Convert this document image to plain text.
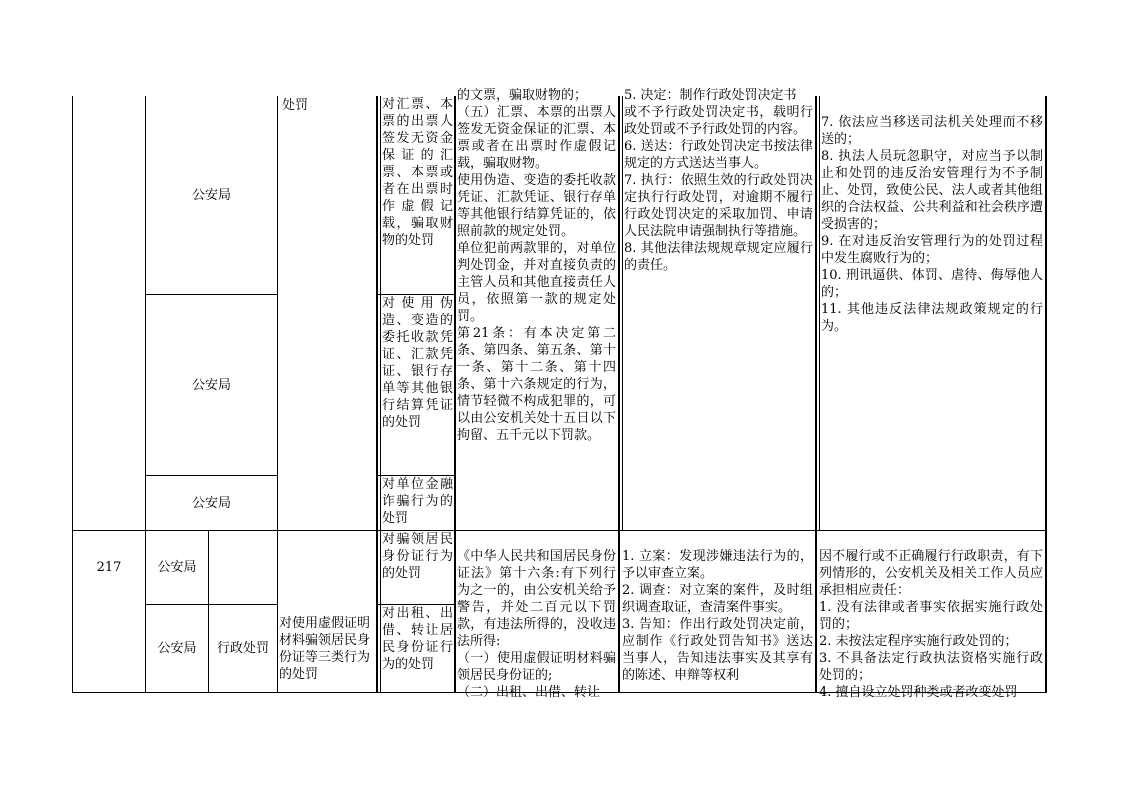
公安局
公安局
公安局
公安局
公安局
217
行政处罚
处罚
对使用虚假证明材料骗领居民身份证等三类行为的处罚
对汇票、本票的出票人签发无资金保证的汇票、本票或者在出票时作虚假记载，骗取财物的处罚
对使用伪造、变造的委托收款凭证、汇款凭证、银行存单等其他银行结算凭证的处罚
对单位金融诈骗行为的处罚
对骗领居民身份证行为的处罚
对出租、出借、转让居民身份证行为的处罚
的文票，骗取财物的；
（五）汇票、本票的出票人签发无资金保证的汇票、本票或者在出票时作虚假记载，骗取财物。
使用伪造、变造的委托收款凭证、汇款凭证、银行存单等其他银行结算凭证的，依照前款的规定处罚。
单位犯前两款罪的，对单位判处罚金，并对直接负责的主管人员和其他直接责任人员，依照第一款的规定处罚。
第21条：有本决定第二条、第四条、第五条、第十一条、第十二条、第十四条、第十六条规定的行为，情节轻微不构成犯罪的，可以由公安机关处十五日以下拘留、五千元以下罚款。

《中华人民共和国居民身份证法》第十六条:有下列行为之一的，由公安机关给予警告，并处二百元以下罚款，有违法所得的，没收违法所得:
（一）使用虚假证明材料骗领居民身份证的;
（二）出租、出借、转让

5. 决定：制作行政处罚决定书
或不予行政处罚决定书，载明行政处罚或不予行政处罚的内容。
6. 送达：行政处罚决定书按法律规定的方式送达当事人。
7. 执行：依照生效的行政处罚决定执行行政处罚，对逾期不履行行政处罚决定的采取加罚、申请人民法院申请强制执行等措施。
8. 其他法律法规规章规定应履行的责任。

1. 立案：发现涉嫌违法行为的，予以审查立案。
2. 调查：对立案的案件，及时组织调查取证，查清案件事实。
3. 告知：作出行政处罚决定前，应制作《行政处罚告知书》送达当事人，告知违法事实及其享有的陈述、申辩等权利

7. 依法应当移送司法机关处理而不移送的；
8. 执法人员玩忽职守，对应当予以制止和处罚的违反治安管理行为不予制止、处罚，致使公民、法人或者其他组织的合法权益、公共利益和社会秩序遭受损害的；
9. 在对违反治安管理行为的处罚过程中发生腐败行为的；
10. 刑讯逼供、体罚、虐待、侮辱他人的；
11. 其他违反法律法规政策规定的行为。

因不履行或不正确履行行政职责，有下列情形的，公安机关及相关工作人员应承担相应责任：
1. 没有法律或者事实依据实施行政处罚的；
2. 未按法定程序实施行政处罚的；
3. 不具备法定行政执法资格实施行政处罚的；
4. 擅自设立处罚种类或者改变处罚
